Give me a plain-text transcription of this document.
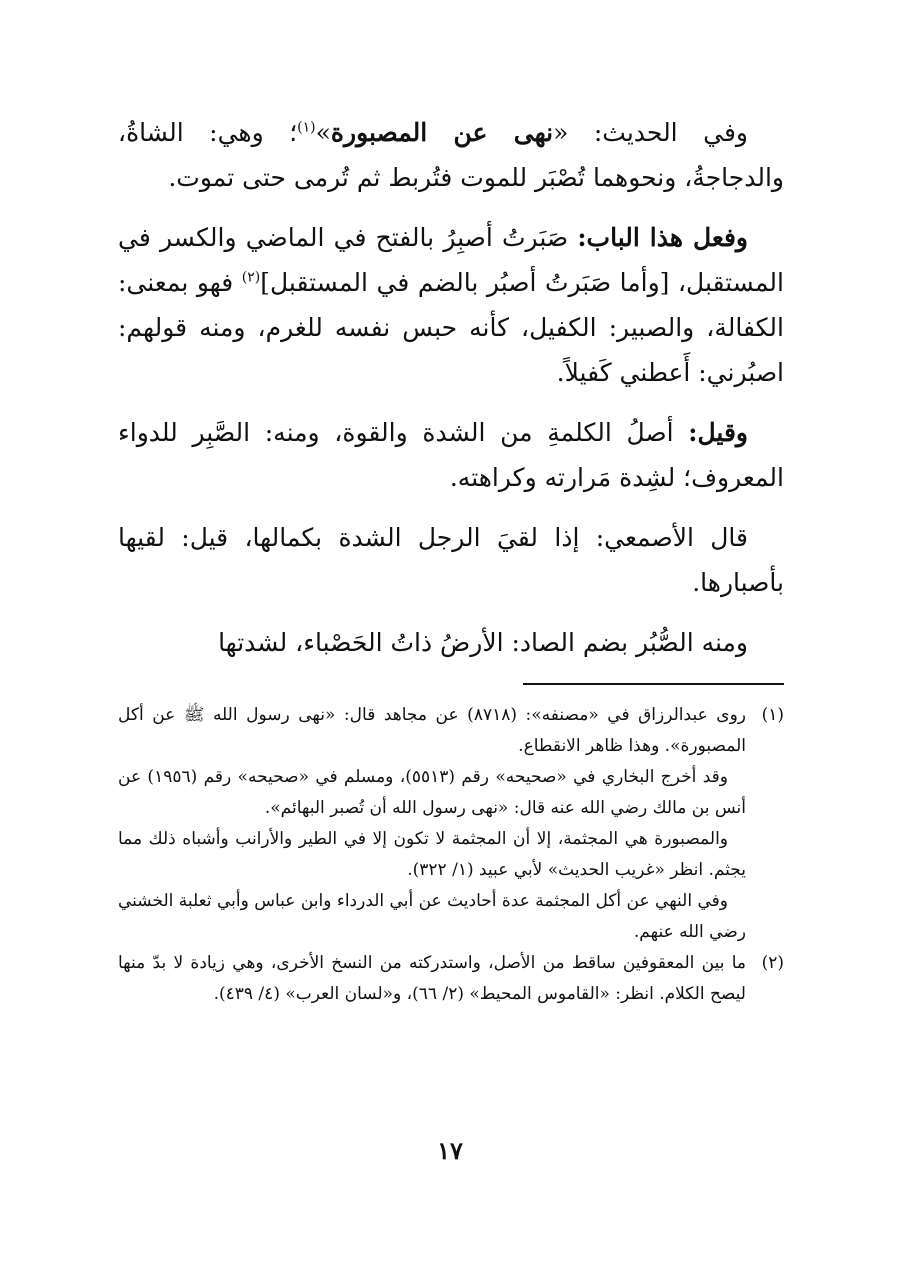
وفي الحديث: «نهى عن المصبورة»$^{(١)}$؛ وهي: الشاةُ، والدجاجةُ، ونحوهما تُصْبَر للموت فتُربط ثم تُرمى حتى تموت.

وفعل هذا الباب: صَبَرتُ أصبِرُ بالفتح في الماضي والكسر في المستقبل، [وأما صَبَرتُ أصبُر بالضم في المستقبل]$^{(٢)}$ فهو بمعنى: الكفالة، والصبير: الكفيل، كأنه حبس نفسه للغرم، ومنه قولهم: اصبُرني: أَعطني كَفيلاً.

وقيل: أصلُ الكلمةِ من الشدة والقوة، ومنه: الصَّبِر للدواء المعروف؛ لشِدة مَرارته وكراهته.

قال الأصمعي: إذا لقيَ الرجل الشدة بكمالها، قيل: لقيها بأصبارها.

ومنه الصُّبُر بضم الصاد: الأرضُ ذاتُ الحَصْباء، لشدتها

(١)
روى عبدالرزاق في «مصنفه»: (٨٧١٨) عن مجاهد قال: «نهى رسول الله ﷺ عن أكل المصبورة». وهذا ظاهر الانقطاع.

وقد أخرج البخاري في «صحيحه» رقم (٥٥١٣)، ومسلم في «صحيحه» رقم (١٩٥٦) عن أنس بن مالك رضي الله عنه قال: «نهى رسول الله أن تُصبر البهائم».

والمصبورة هي المجثمة، إلا أن المجثمة لا تكون إلا في الطير والأرانب وأشباه ذلك مما يجثم. انظر «غريب الحديث» لأبي عبيد (١/ ٣٢٢).

وفي النهي عن أكل المجثمة عدة أحاديث عن أبي الدرداء وابن عباس وأبي ثعلبة الخشني رضي الله عنهم.

(٢)
ما بين المعقوفين ساقط من الأصل، واستدركته من النسخ الأخرى، وهي زيادة لا بدّ منها ليصح الكلام. انظر: «القاموس المحيط» (٢/ ٦٦)، و«لسان العرب» (٤/ ٤٣٩).
١٧
